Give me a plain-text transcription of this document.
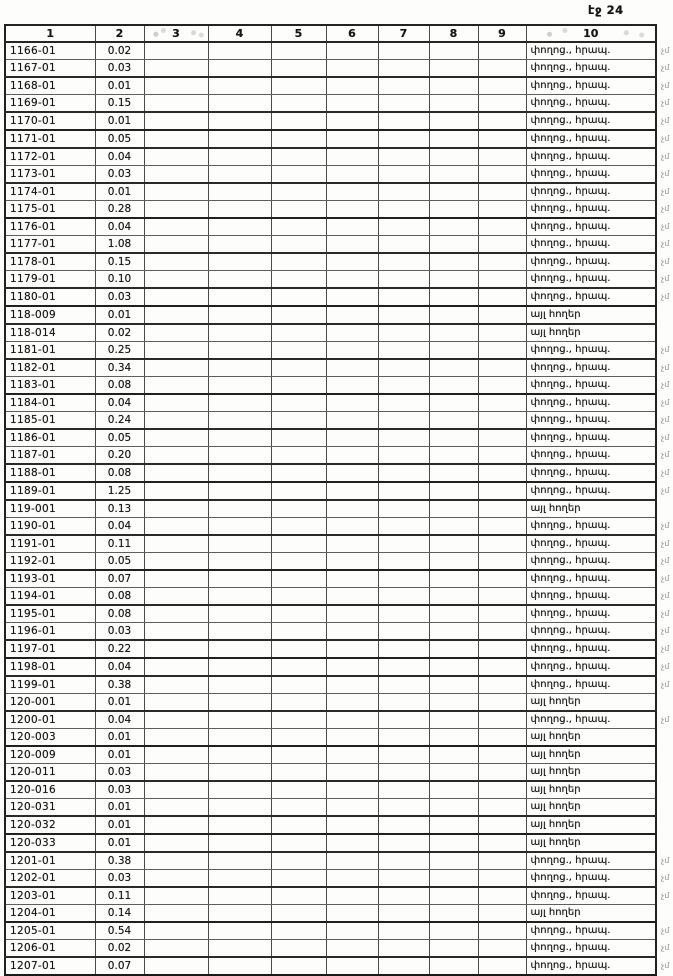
էջ 24
1	2	3	4	5	6	7	8	9	10	
1166-01	0.02								փողոց., հրապ.	չմ
1167-01	0.03								փողոց., հրապ.	չմ
1168-01	0.01								փողոց., հրապ.	չմ
1169-01	0.15								փողոց., հրապ.	չմ
1170-01	0.01								փողոց., հրապ.	չմ
1171-01	0.05								փողոց., հրապ.	չմ
1172-01	0.04								փողոց., հրապ.	չմ
1173-01	0.03								փողոց., հրապ.	չմ
1174-01	0.01								փողոց., հրապ.	չմ
1175-01	0.28								փողոց., հրապ.	չմ
1176-01	0.04								փողոց., հրապ.	չմ
1177-01	1.08								փողոց., հրապ.	չմ
1178-01	0.15								փողոց., հրապ.	չմ
1179-01	0.10								փողոց., հրապ.	չմ
1180-01	0.03								փողոց., հրապ.	չմ
118-009	0.01								այլ հողեր	
118-014	0.02								այլ հողեր	
1181-01	0.25								փողոց., հրապ.	չմ
1182-01	0.34								փողոց., հրապ.	չմ
1183-01	0.08								փողոց., հրապ.	չմ
1184-01	0.04								փողոց., հրապ.	չմ
1185-01	0.24								փողոց., հրապ.	չմ
1186-01	0.05								փողոց., հրապ.	չմ
1187-01	0.20								փողոց., հրապ.	չմ
1188-01	0.08								փողոց., հրապ.	չմ
1189-01	1.25								փողոց., հրապ.	չմ
119-001	0.13								այլ հողեր	
1190-01	0.04								փողոց., հրապ.	չմ
1191-01	0.11								փողոց., հրապ.	չմ
1192-01	0.05								փողոց., հրապ.	չմ
1193-01	0.07								փողոց., հրապ.	չմ
1194-01	0.08								փողոց., հրապ.	չմ
1195-01	0.08								փողոց., հրապ.	չմ
1196-01	0.03								փողոց., հրապ.	չմ
1197-01	0.22								փողոց., հրապ.	չմ
1198-01	0.04								փողոց., հրապ.	չմ
1199-01	0.38								փողոց., հրապ.	չմ
120-001	0.01								այլ հողեր	
1200-01	0.04								փողոց., հրապ.	չմ
120-003	0.01								այլ հողեր	
120-009	0.01								այլ հողեր	
120-011	0.03								այլ հողեր	
120-016	0.03								այլ հողեր	
120-031	0.01								այլ հողեր	
120-032	0.01								այլ հողեր	
120-033	0.01								այլ հողեր	
1201-01	0.38								փողոց., հրապ.	չմ
1202-01	0.03								փողոց., հրապ.	չմ
1203-01	0.11								փողոց., հրապ.	չմ
1204-01	0.14								այլ հողեր	
1205-01	0.54								փողոց., հրապ.	չմ
1206-01	0.02								փողոց., հրապ.	չմ
1207-01	0.07								փողոց., հրապ.	չմ
